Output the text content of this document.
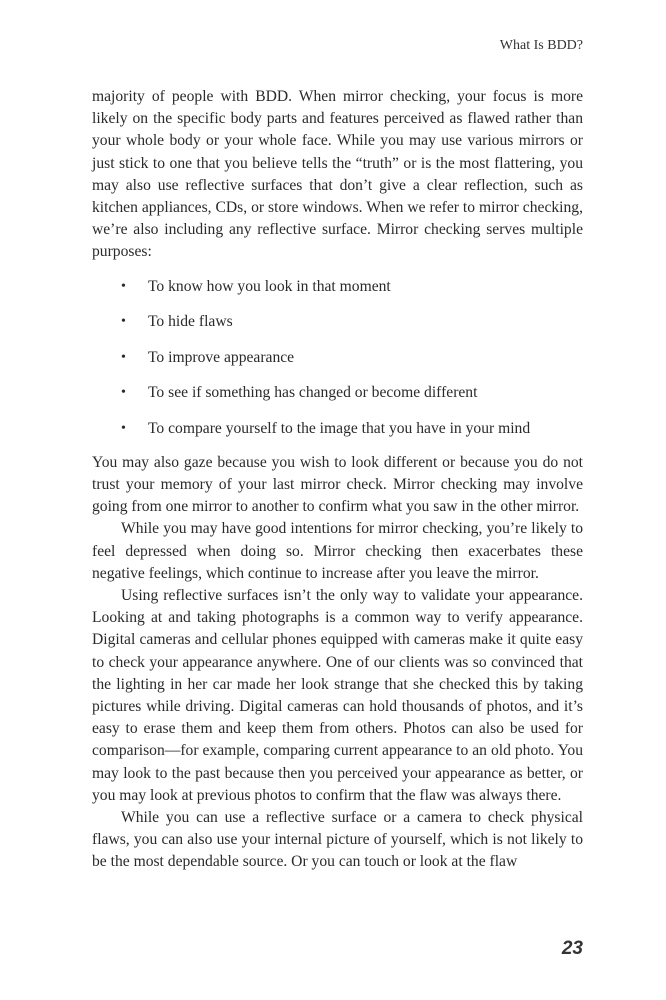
What Is BDD?

majority of people with BDD. When mirror checking, your focus is more likely on the specific body parts and features perceived as flawed rather than your whole body or your whole face. While you may use various mirrors or just stick to one that you believe tells the “truth” or is the most flattering, you may also use reflective surfaces that don’t give a clear reflection, such as kitchen appliances, CDs, or store windows. When we refer to mirror checking, we’re also including any reflective surface. Mirror checking serves multiple purposes:

• To know how you look in that moment
• To hide flaws
• To improve appearance
• To see if something has changed or become different
• To compare yourself to the image that you have in your mind

You may also gaze because you wish to look different or because you do not trust your memory of your last mirror check. Mirror checking may involve going from one mirror to another to confirm what you saw in the other mirror.

While you may have good intentions for mirror checking, you’re likely to feel depressed when doing so. Mirror checking then exacerbates these negative feelings, which continue to increase after you leave the mirror.

Using reflective surfaces isn’t the only way to validate your appearance. Looking at and taking photographs is a common way to verify appearance. Digital cameras and cellular phones equipped with cameras make it quite easy to check your appearance anywhere. One of our clients was so convinced that the lighting in her car made her look strange that she checked this by taking pictures while driving. Digital cameras can hold thousands of photos, and it’s easy to erase them and keep them from others. Photos can also be used for comparison—for example, comparing current appearance to an old photo. You may look to the past because then you perceived your appearance as better, or you may look at previous photos to confirm that the flaw was always there.

While you can use a reflective surface or a camera to check physical flaws, you can also use your internal picture of yourself, which is not likely to be the most dependable source. Or you can touch or look at the flaw

23
